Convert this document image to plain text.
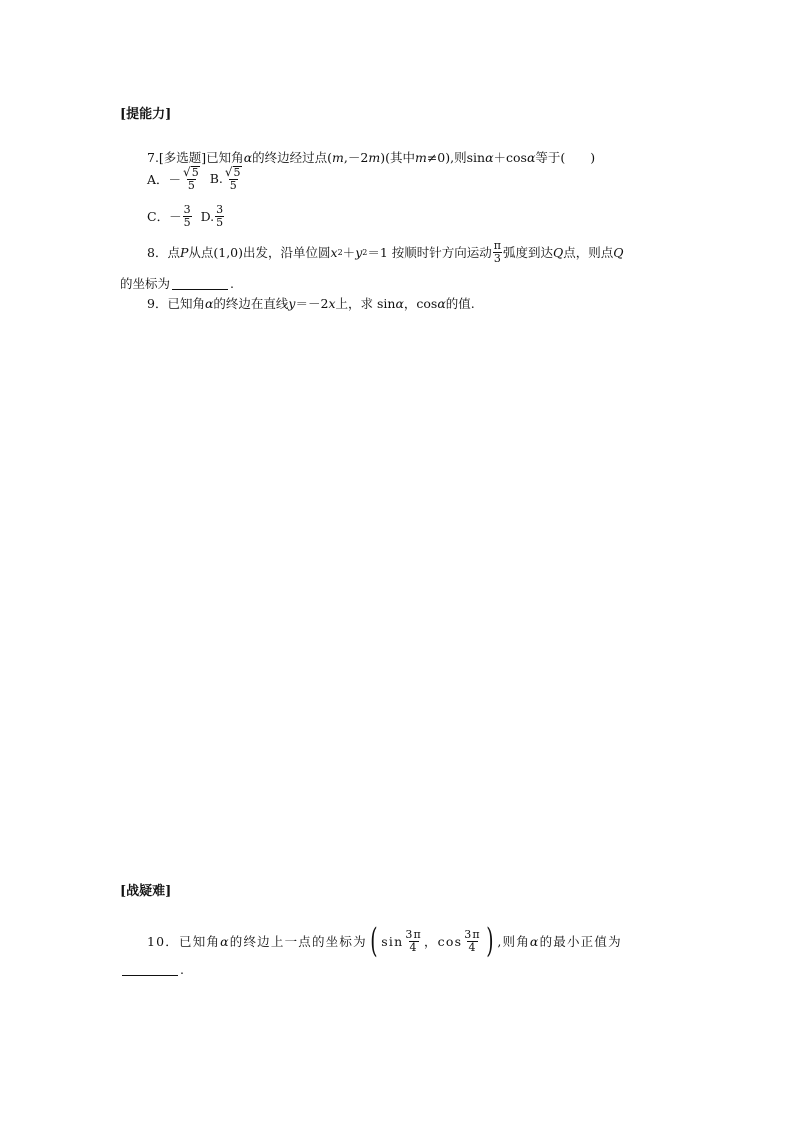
[提能力]
7.[多选题]已知角 α 的终边经过点( m ,－2 m )(其中 m ≠0),则sin α ＋cos α 等于(　　)
A．－ $\frac{√ 5}{5} B$. $\frac{√ 5}{5}$
C．－ $\frac{3}{5} D$. $\frac{3}{5}$
8．点 P 从点(1,0)出发，沿单位圆 x 2 ＋ y 2 ＝1 按顺时针方向运动 $\frac{\pi}{3}$ 弧度到达 Q 点，则点 Q
的坐标为	.
9．已知角 α 的终边在直线 y ＝－2 x 上，求 sin α ，cos α 的值.
[战疑难]
10．已知角 α 的终边上一点的坐标为 ( $\sin \frac{3\pi}{4}$ ，$\cos \frac{3\pi}{4}$ ) ,则角 α 的最小正值为
.
